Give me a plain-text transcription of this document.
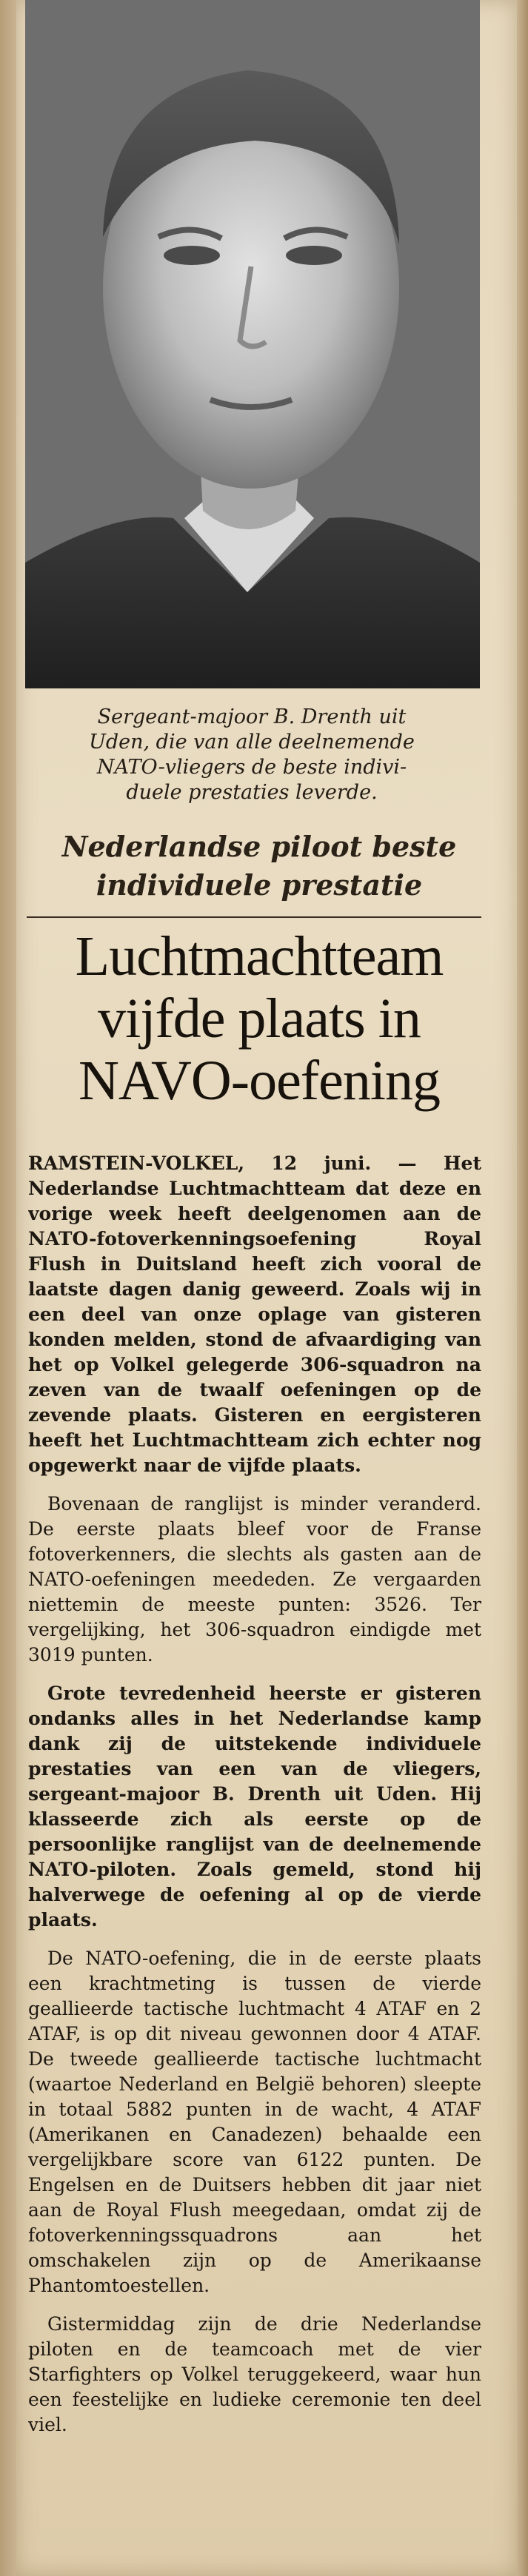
Sergeant-majoor B. Drenth uit
Uden, die van alle deelnemende
NATO-vliegers de beste indivi-
duele prestaties leverde.
Nederlandse piloot beste
individuele prestatie
Luchtmachtteam
vijfde plaats in
NAVO-oefening

RAMSTEIN-VOLKEL, 12 juni. — Het Nederlandse Luchtmachtteam dat deze en vorige week heeft deelgenomen aan de NATO-fotoverkenningsoefening Royal Flush in Duitsland heeft zich vooral de laatste dagen danig geweerd. Zoals wij in een deel van onze oplage van gisteren konden melden, stond de afvaardiging van het op Volkel gelegerde 306-squadron na zeven van de twaalf oefeningen op de zevende plaats. Gisteren en eergisteren heeft het Luchtmachtteam zich echter nog opgewerkt naar de vijfde plaats.

Bovenaan de ranglijst is minder veranderd. De eerste plaats bleef voor de Franse fotoverkenners, die slechts als gasten aan de NATO-oefeningen meededen. Ze vergaarden niettemin de meeste punten: 3526. Ter vergelijking, het 306-squadron eindigde met 3019 punten.

Grote tevredenheid heerste er gisteren ondanks alles in het Nederlandse kamp dank zij de uitstekende individuele prestaties van een van de vliegers, sergeant-majoor B. Drenth uit Uden. Hij klasseerde zich als eerste op de persoonlijke ranglijst van de deelnemende NATO-piloten. Zoals gemeld, stond hij halverwege de oefening al op de vierde plaats.

De NATO-oefening, die in de eerste plaats een krachtmeting is tussen de vierde geallieerde tactische luchtmacht 4 ATAF en 2 ATAF, is op dit niveau gewonnen door 4 ATAF. De tweede geallieerde tactische luchtmacht (waartoe Nederland en België behoren) sleepte in totaal 5882 punten in de wacht, 4 ATAF (Amerikanen en Canadezen) behaalde een vergelijkbare score van 6122 punten. De Engelsen en de Duitsers hebben dit jaar niet aan de Royal Flush meegedaan, omdat zij de fotoverkenningssquadrons aan het omschakelen zijn op de Amerikaanse Phantomtoestellen.

Gistermiddag zijn de drie Nederlandse piloten en de teamcoach met de vier Starfighters op Volkel teruggekeerd, waar hun een feestelijke en ludieke ceremonie ten deel viel.
